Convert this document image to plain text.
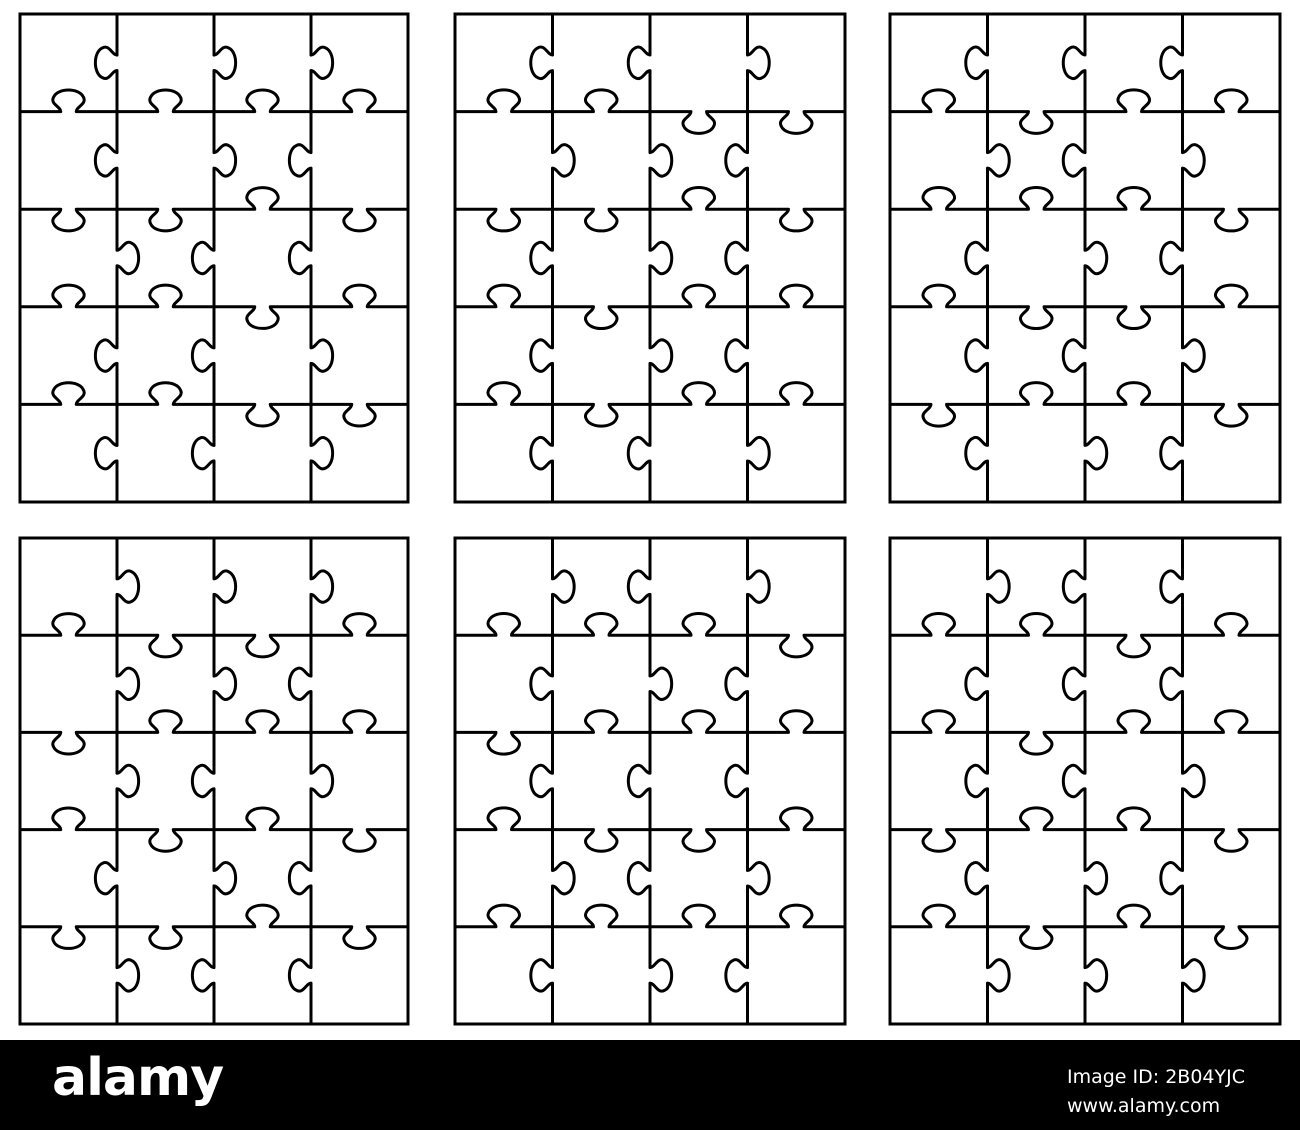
alamy	Image ID: 2B04YJC
www.alamy.com
